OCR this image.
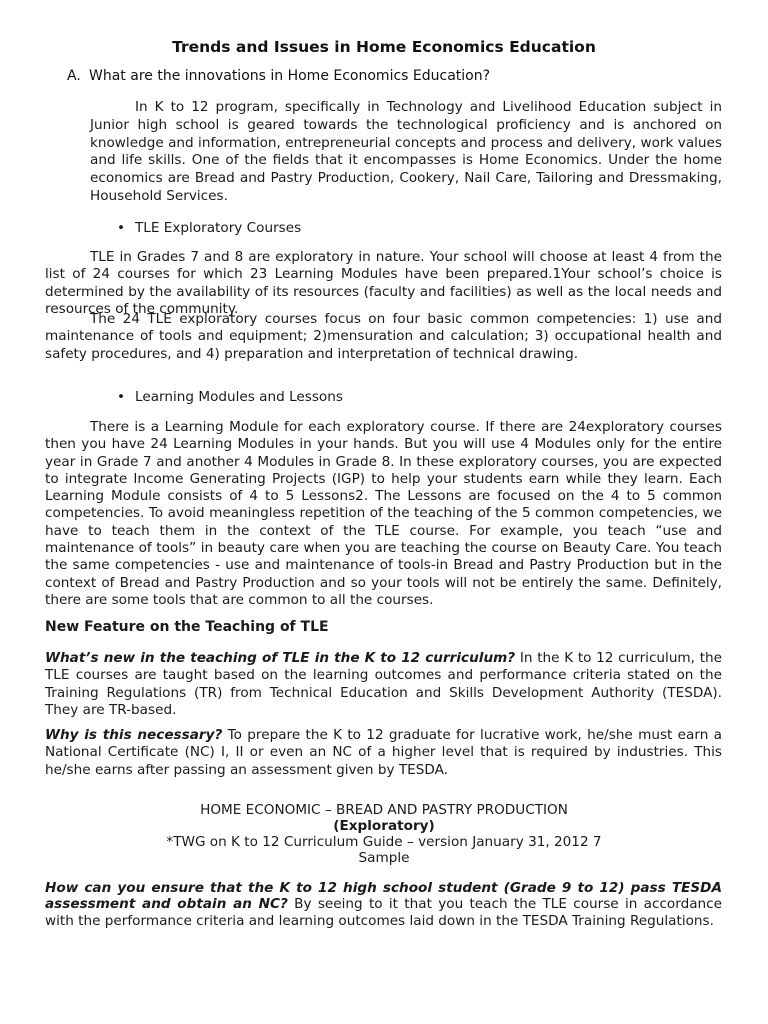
Trends and Issues in Home Economics Education
A. What are the innovations in Home Economics Education?
In K to 12 program, specifically in Technology and Livelihood Education subject in Junior high school is geared towards the technological proficiency and is anchored on knowledge and information, entrepreneurial concepts and process and delivery, work values and life skills. One of the fields that it encompasses is Home Economics. Under the home economics are Bread and Pastry Production, Cookery, Nail Care, Tailoring and Dressmaking, Household Services.
• TLE Exploratory Courses
TLE in Grades 7 and 8 are exploratory in nature. Your school will choose at least 4 from the list of 24 courses for which 23 Learning Modules have been prepared.1Your school’s choice is determined by the availability of its resources (faculty and facilities) as well as the local needs and resources of the community.
The 24 TLE exploratory courses focus on four basic common competencies: 1) use and maintenance of tools and equipment; 2)mensuration and calculation; 3) occupational health and safety procedures, and 4) preparation and interpretation of technical drawing.
• Learning Modules and Lessons
There is a Learning Module for each exploratory course. If there are 24exploratory courses then you have 24 Learning Modules in your hands. But you will use 4 Modules only for the entire year in Grade 7 and another 4 Modules in Grade 8. In these exploratory courses, you are expected to integrate Income Generating Projects (IGP) to help your students earn while they learn. Each Learning Module consists of 4 to 5 Lessons2. The Lessons are focused on the 4 to 5 common competencies. To avoid meaningless repetition of the teaching of the 5 common competencies, we have to teach them in the context of the TLE course. For example, you teach “use and maintenance of tools” in beauty care when you are teaching the course on Beauty Care. You teach the same competencies - use and maintenance of tools-in Bread and Pastry Production but in the context of Bread and Pastry Production and so your tools will not be entirely the same. Definitely, there are some tools that are common to all the courses.
New Feature on the Teaching of TLE
What’s new in the teaching of TLE in the K to 12 curriculum? In the K to 12 curriculum, the TLE courses are taught based on the learning outcomes and performance criteria stated on the Training Regulations (TR) from Technical Education and Skills Development Authority (TESDA). They are TR-based.
Why is this necessary? To prepare the K to 12 graduate for lucrative work, he/she must earn a National Certificate (NC) I, II or even an NC of a higher level that is required by industries. This he/she earns after passing an assessment given by TESDA.
HOME ECONOMIC – BREAD AND PASTRY PRODUCTION
(Exploratory)
*TWG on K to 12 Curriculum Guide – version January 31, 2012 7
Sample
How can you ensure that the K to 12 high school student (Grade 9 to 12) pass TESDA assessment and obtain an NC? By seeing to it that you teach the TLE course in accordance with the performance criteria and learning outcomes laid down in the TESDA Training Regulations.
